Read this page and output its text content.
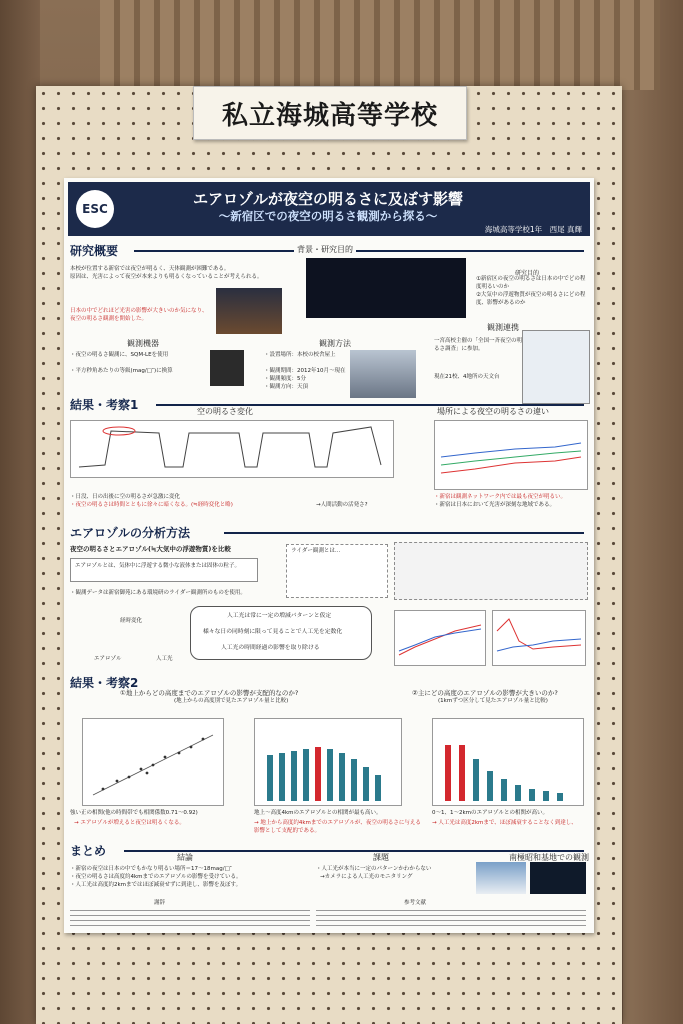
私立海城高等学校
ESC
エアロゾルが夜空の明るさに及ぼす影響
〜新宿区での夜空の明るさ観測から探る〜
海城高等学校1年　西尾 真輝
研究概要	背景・研究目的
本校が位置する新宿では夜空が明るく、天体観測が困難である。
原因は、光害によって夜空が本来よりも明るくなっていることが考えられる。
日本の中でどれほど光害の影響が大きいのか気になり、夜空の明るさ観測を開始した。
研究目的
①新宿区の夜空の明るさは日本の中でどの程度明るいのか
②大気中の浮遊物質が夜空の明るさにどの程度、影響があるのか
観測機器
・夜空の明るさ観測に、SQM-LEを使用
・平方秒角あたりの等級(mag/□″)に換算
観測方法
・設置場所：本校の校舎屋上
・観測期間：2012年10月〜現在
・観測頻度：5分
・観測方向：天頂
観測連携
一宮高校主催の「全国一斉夜空の明るさ調査」に参加。
現在21校、4地所の天文台
結果・考察1	空の明るさ変化	場所による夜空の明るさの違い
・日没、日の出後に空の明るさが急激に変化
・夜空の明るさは時間とともに徐々に暗くなる。(≒経時変化と略)	→人間活動の活発さ?
・新宿は観測ネットワーク内では最も夜空が明るい。
・新宿は日本において光害が深刻な地域である。
エアロゾルの分析方法
夜空の明るさとエアロゾル(≒大気中の浮遊物質)を比較
エアロゾルとは、気体中に浮遊する微小な液体または固体の粒子。
ライダー観測とは…
・観測データは新宿御苑にある環境研のライダー観測所のものを使用。
人工光は常に一定の増減パターンと仮定
様々な日の同時刻に限って見ることで人工光を定数化
人工光の時間経過の影響を取り除ける
経時変化
エアロゾル	人工光
結果・考察2
①地上からどの高度までのエアロゾルの影響が支配的なのか?
(地上からの高度別で見たエアロゾル量と比較)
②主にどの高度のエアロゾルの影響が大きいのか?
(1kmずつ区分して見たエアロゾル量と比較)
強い正の相関(他の時間帯でも相関係数0.71〜0.92)
→ エアロゾルが増えると夜空は明るくなる。
地上〜高度4kmのエアロゾルとの相関が最も高い。
→ 地上から高度約4kmまでのエアロゾルが、夜空の明るさに与える影響として支配的である。
0〜1、1〜2kmのエアロゾルとの相関が高い。
→ 人工光は高度2kmまで、ほぼ減衰することなく到達し、
まとめ	結論	課題	南極昭和基地での観測
・新宿の夜空は日本の中でもかなり明るい場所＝17〜18mag/□″
・夜空の明るさは高度約4kmまでのエアロゾルの影響を受けている。
・人工光は高度約2kmまではほぼ減衰せずに到達し、影響を及ぼす。
・人工光が本当に一定のパターンかわからない
→カメラによる人工光のモニタリング
謝辞	参考文献
